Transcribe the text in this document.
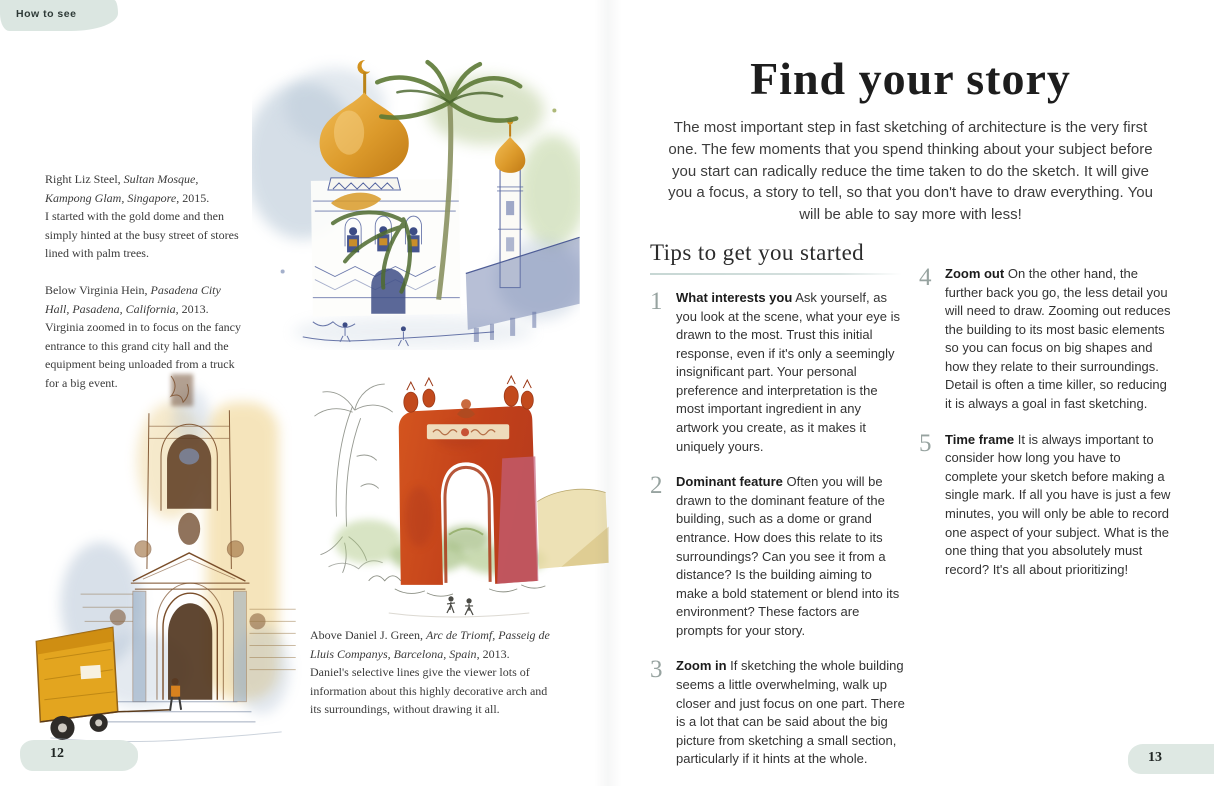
How to see

Right Liz Steel, Sultan Mosque, Kampong Glam, Singapore, 2015.
I started with the gold dome and then simply hinted at the busy street of stores lined with palm trees.

Below Virginia Hein, Pasadena City Hall, Pasadena, California, 2013.
Virginia zoomed in to focus on the fancy entrance to this grand city hall and the equipment being unloaded from a truck for a big event.

Above Daniel J. Green, Arc de Triomf, Passeig de Lluis Companys, Barcelona, Spain, 2013.
Daniel's selective lines give the viewer lots of information about this highly decorative arch and its surroundings, without drawing it all.

12
Find your story

The most important step in fast sketching of architecture is the very first one. The few moments that you spend thinking about your subject before you start can radically reduce the time taken to do the sketch. It will give you a focus, a story to tell, so that you don't have to draw everything. You will be able to say more with less!

Tips to get you started
1	What interests you Ask yourself, as you look at the scene, what your eye is drawn to the most. Trust this initial response, even if it's only a seemingly insignificant part. Your personal preference and interpretation is the most important ingredient in any artwork you create, as it makes it uniquely yours.

2	Dominant feature Often you will be drawn to the dominant feature of the building, such as a dome or grand entrance. How does this relate to its surroundings? Can you see it from a distance? Is the building aiming to make a bold statement or blend into its environment? These factors are prompts for your story.

3	Zoom in If sketching the whole building seems a little overwhelming, walk up closer and just focus on one part. There is a lot that can be said about the big picture from sketching a small section, particularly if it hints at the whole.

4	Zoom out On the other hand, the further back you go, the less detail you will need to draw. Zooming out reduces the building to its most basic elements so you can focus on big shapes and how they relate to their surroundings. Detail is often a time killer, so reducing it is always a goal in fast sketching.

5	Time frame It is always important to consider how long you have to complete your sketch before making a single mark. If all you have is just a few minutes, you will only be able to record one aspect of your subject. What is the one thing that you absolutely must record? It's all about prioritizing!

13
